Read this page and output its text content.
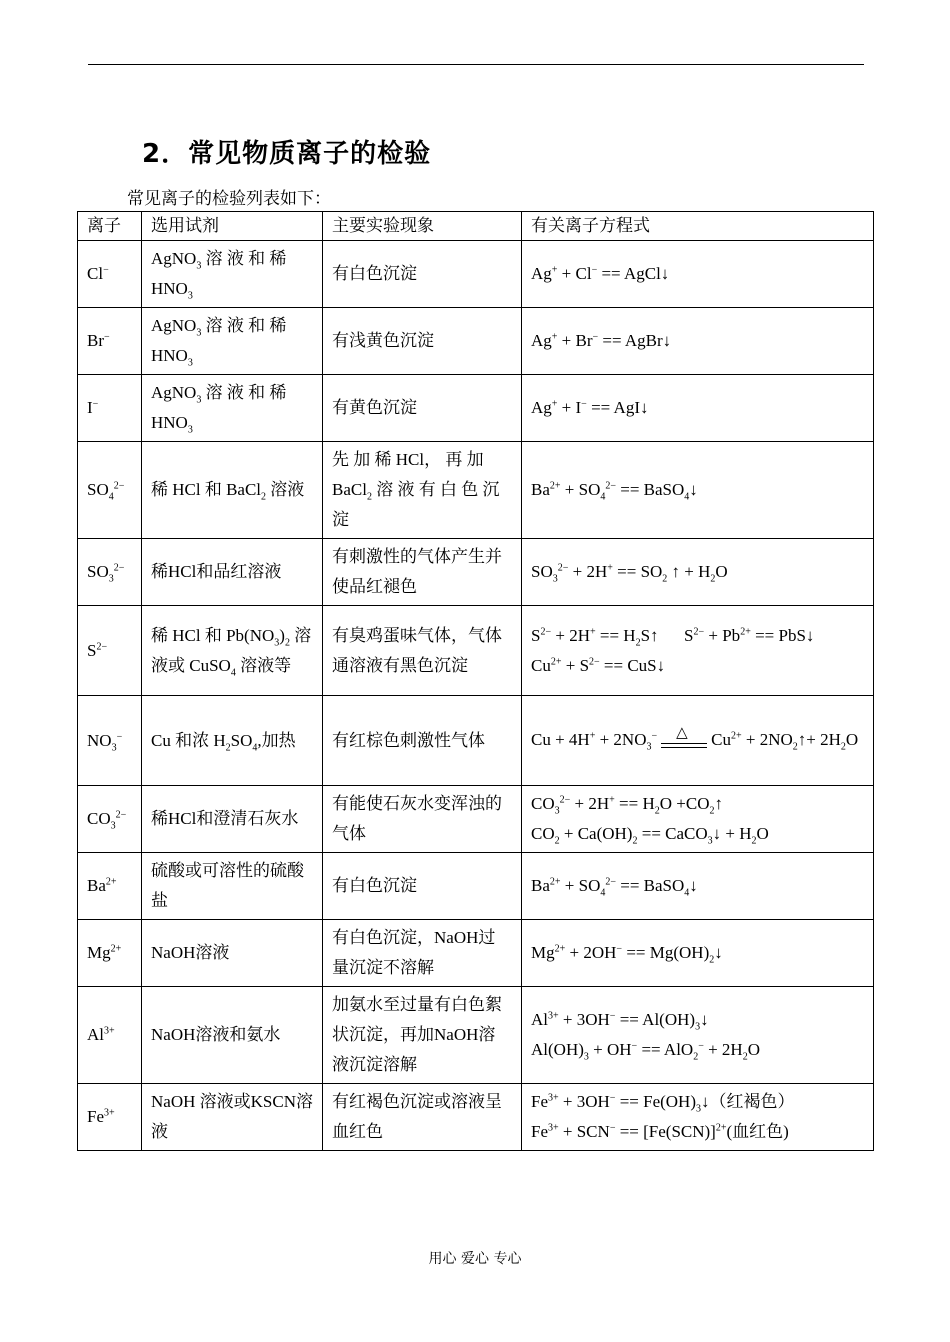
2．常见物质离子的检验
常见离子的检验列表如下：
离子	选用试剂	主要实验现象	有关离子方程式
Cl−	AgNO$_3$ 溶 液 和 稀 $HNO_3$	有白色沉淀	Ag+ + Cl− == AgCl↓
Br−	AgNO$_3$ 溶 液 和 稀 $HNO_3$	有浅黄色沉淀	Ag+ + Br− == AgBr↓
I−	AgNO$_3$ 溶 液 和 稀 $HNO_3$	有黄色沉淀	Ag+ + I− == AgI↓
$SO_4^{2-}$	稀 HCl 和 BaCl$_2$ 溶液	先 加 稀 HCl， 再 加 BaCl$_2$ 溶 液 有 白 色 沉 淀	$Ba^{2+} + SO_4^{2-}$ == BaSO$_4$↓
$SO_3^{2-}$	稀HCl和品红溶液	有刺激性的气体产生并使品红褪色	$SO_3^{2-} + 2H^+ == SO_2$ ↑ + $H_2O$
$S^{2-}$	稀 HCl 和 $Pb(NO_3)_2$ 溶液或 CuSO$_4$ 溶液等	有臭鸡蛋味气体，气体通溶液有黑色沉淀	$S^{2-} + 2H^+$ == $H_2S↑$      $S^{2-} + Pb^{2+}$ == PbS↓
$Cu^{2+} + S^{2-}$ == CuS↓
$NO_3^-$	Cu 和浓 $H_2SO_4$,加热	有红棕色刺激性气体	$Cu + 4H^+ + 2NO_3^-$ △ $Cu^{2+}$ + $2NO_2↑+ 2H_2O$
$CO_3^{2-}$	稀HCl和澄清石灰水	有能使石灰水变浑浊的气体	$CO_3^{2-} + 2H^+ == H_2O$ $+CO_2↑$
$CO_2 + Ca(OH)_2$ == CaCO$_3$↓ + $H_2O$
$Ba^{2+}$	硫酸或可溶性的硫酸盐	有白色沉淀	$Ba^{2+} + SO_4^{2-}$ == BaSO$_4$↓
$Mg^{2+}$	NaOH溶液	有白色沉淀，NaOH过量沉淀不溶解	$Mg^{2+} + 2OH^-$ == $Mg(OH)_2↓$
$Al^{3+}$	NaOH溶液和氨水	加氨水至过量有白色絮状沉淀，再加NaOH溶液沉淀溶解	$Al^{3+} + 3OH^-$ == $Al(OH)_3↓$
$Al(OH)_3 + OH^- == AlO_2^- + 2H_2O$
$Fe^{3+}$	NaOH 溶液或KSCN溶液	有红褐色沉淀或溶液呈血红色	$Fe^{3+} + 3OH^-$ == $Fe(OH)_3↓$（红褐色）
$Fe^{3+} + SCN^- == [Fe(SCN)]^{2+}$(血红色)
用心 爱心 专心
